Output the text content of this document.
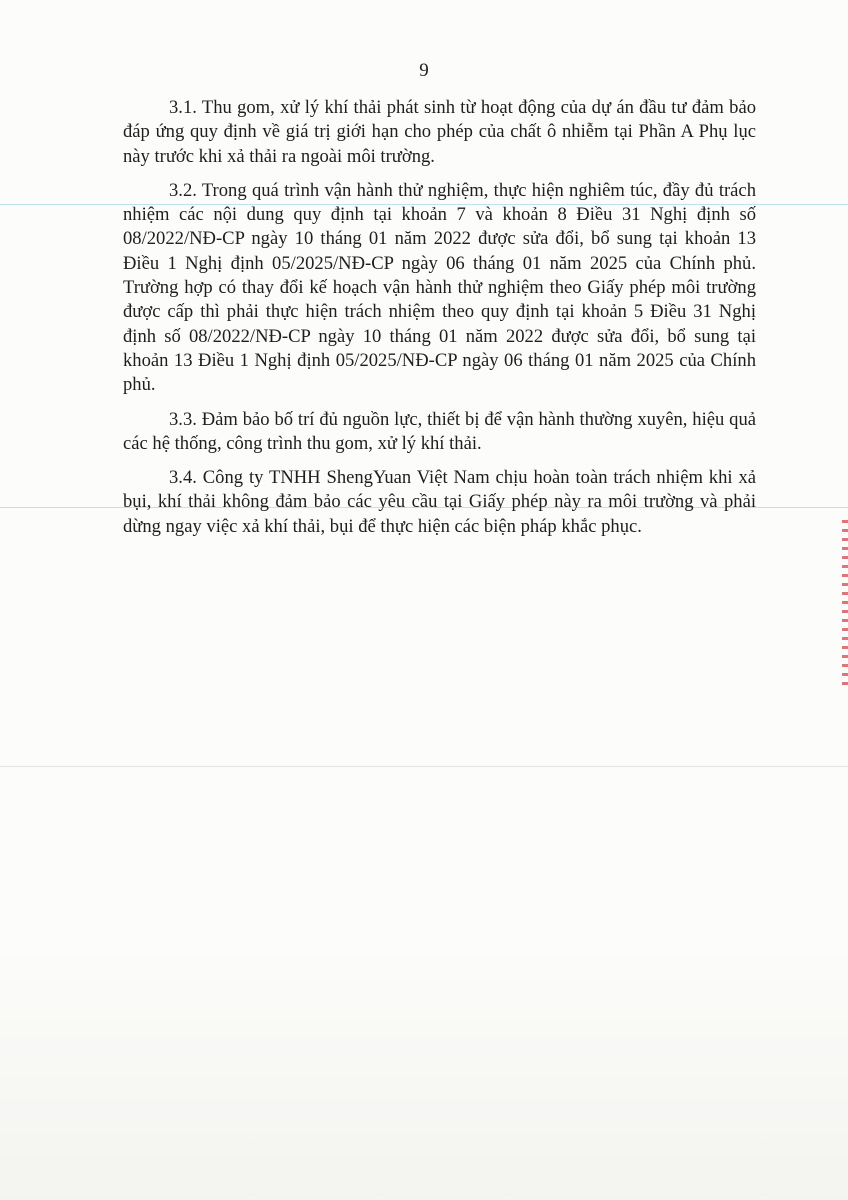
9

3.1. Thu gom, xử lý khí thải phát sinh từ hoạt động của dự án đầu tư đảm bảo đáp ứng quy định về giá trị giới hạn cho phép của chất ô nhiễm tại Phần A Phụ lục này trước khi xả thải ra ngoài môi trường.

3.2. Trong quá trình vận hành thử nghiệm, thực hiện nghiêm túc, đầy đủ trách nhiệm các nội dung quy định tại khoản 7 và khoản 8 Điều 31 Nghị định số 08/2022/NĐ-CP ngày 10 tháng 01 năm 2022 được sửa đổi, bổ sung tại khoản 13 Điều 1 Nghị định 05/2025/NĐ-CP ngày 06 tháng 01 năm 2025 của Chính phủ. Trường hợp có thay đổi kế hoạch vận hành thử nghiệm theo Giấy phép môi trường được cấp thì phải thực hiện trách nhiệm theo quy định tại khoản 5 Điều 31 Nghị định số 08/2022/NĐ-CP ngày 10 tháng 01 năm 2022 được sửa đổi, bổ sung tại khoản 13 Điều 1 Nghị định 05/2025/NĐ-CP ngày 06 tháng 01 năm 2025 của Chính phủ.

3.3. Đảm bảo bố trí đủ nguồn lực, thiết bị để vận hành thường xuyên, hiệu quả các hệ thống, công trình thu gom, xử lý khí thải.

3.4. Công ty TNHH ShengYuan Việt Nam chịu hoàn toàn trách nhiệm khi xả bụi, khí thải không đảm bảo các yêu cầu tại Giấy phép này ra môi trường và phải dừng ngay việc xả khí thải, bụi để thực hiện các biện pháp khắc phục.
